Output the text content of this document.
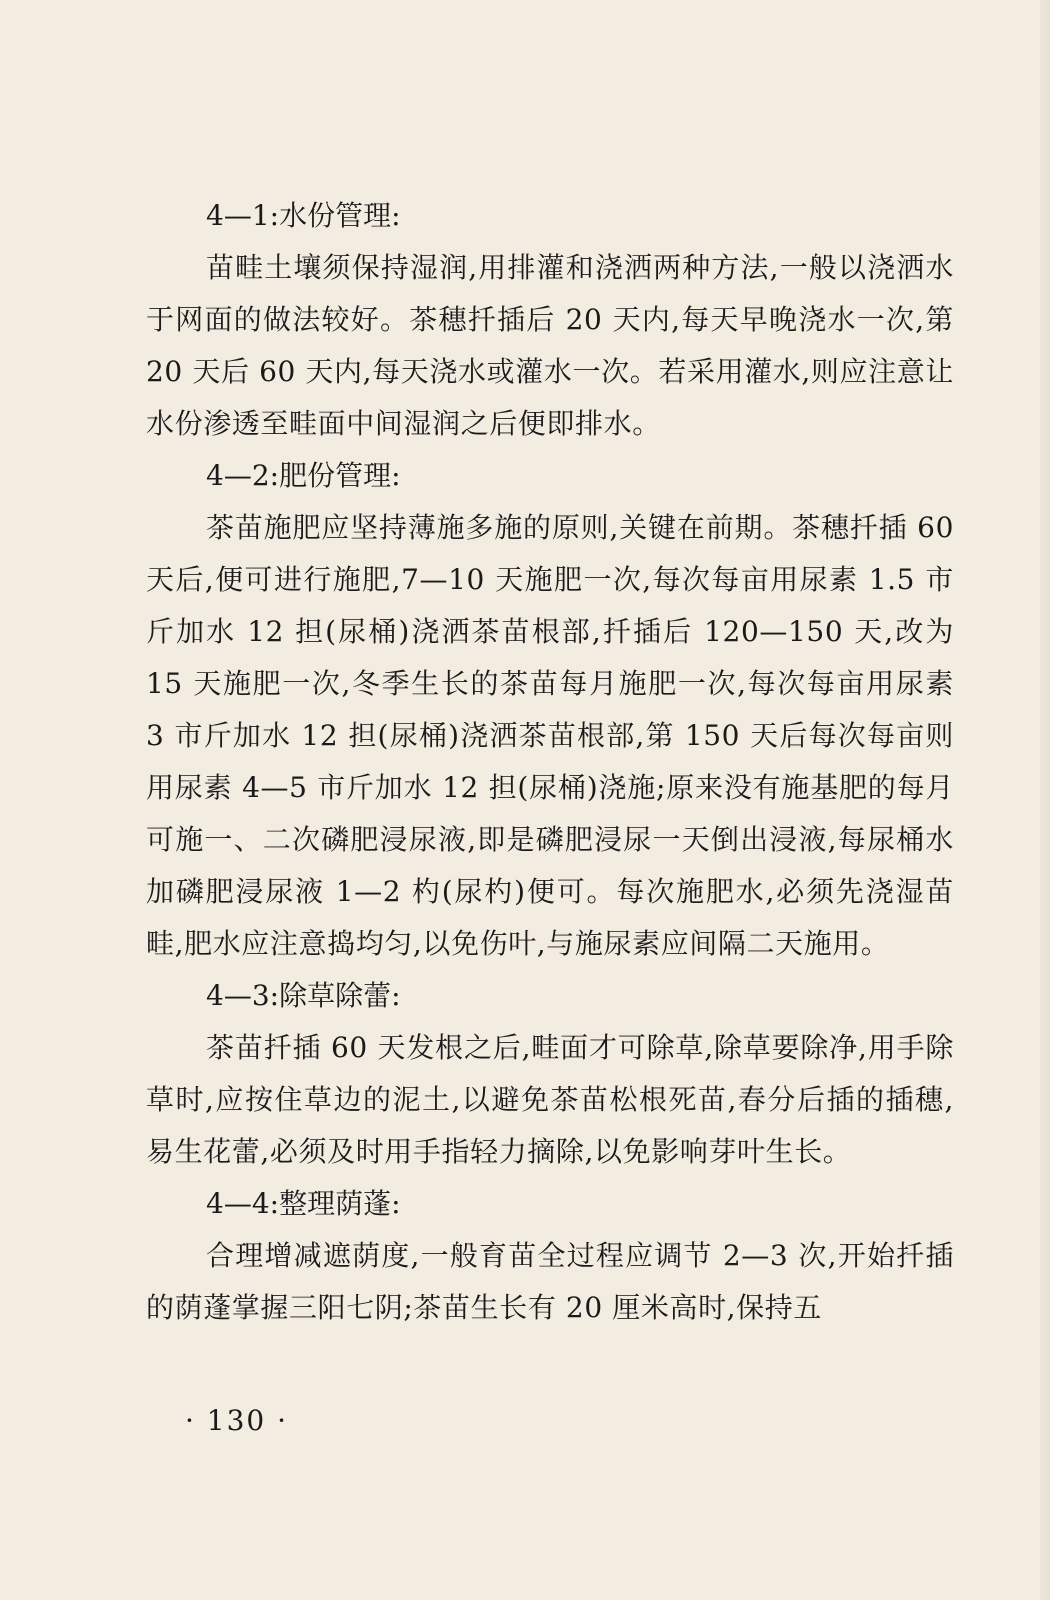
4—1:水份管理:

苗畦土壤须保持湿润,用排灌和浇洒两种方法,一般以浇洒水于网面的做法较好。茶穗扦插后 20 天内,每天早晚浇水一次,第 20 天后 60 天内,每天浇水或灌水一次。若采用灌水,则应注意让水份渗透至畦面中间湿润之后便即排水。

4—2:肥份管理:

茶苗施肥应坚持薄施多施的原则,关键在前期。茶穗扦插 60 天后,便可进行施肥,7—10 天施肥一次,每次每亩用尿素 1.5 市斤加水 12 担(尿桶)浇洒茶苗根部,扦插后 120—150 天,改为 15 天施肥一次,冬季生长的茶苗每月施肥一次,每次每亩用尿素 3 市斤加水 12 担(尿桶)浇洒茶苗根部,第 150 天后每次每亩则用尿素 4—5 市斤加水 12 担(尿桶)浇施;原来没有施基肥的每月可施一、二次磷肥浸尿液,即是磷肥浸尿一天倒出浸液,每尿桶水加磷肥浸尿液 1—2 杓(尿杓)便可。每次施肥水,必须先浇湿苗畦,肥水应注意捣均匀,以免伤叶,与施尿素应间隔二天施用。

4—3:除草除蕾:

茶苗扦插 60 天发根之后,畦面才可除草,除草要除净,用手除草时,应按住草边的泥土,以避免茶苗松根死苗,春分后插的插穗,易生花蕾,必须及时用手指轻力摘除,以免影响芽叶生长。

4—4:整理荫蓬:

合理增减遮荫度,一般育苗全过程应调节 2—3 次,开始扦插的荫蓬掌握三阳七阴;茶苗生长有 20 厘米高时,保持五

· 130 ·
